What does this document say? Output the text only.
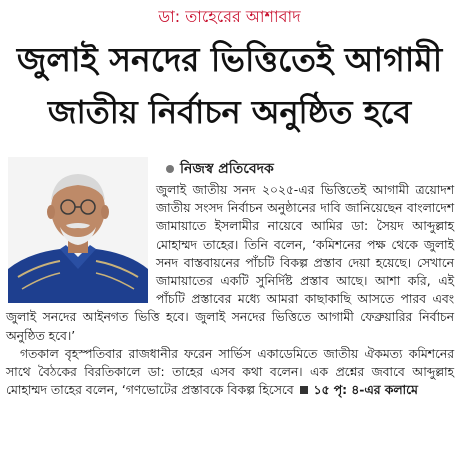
ডা: তাহেরের আশাবাদ
জুলাই সনদের ভিত্তিতেই আগামী
জাতীয় নির্বাচন অনুষ্ঠিত হবে
নিজস্ব প্রতিবেদক

জুলাই জাতীয় সনদ ২০২৫-এর ভিত্তিতেই আগামী ত্রয়োদশ জাতীয় সংসদ নির্বাচন অনুষ্ঠানের দাবি জানিয়েছেন বাংলাদেশ জামায়াতে ইসলামীর নায়েবে আমির ডা: সৈয়দ আব্দুল্লাহ মোহাম্মদ তাহের। তিনি বলেন, ‘কমিশনের পক্ষ থেকে জুলাই সনদ বাস্তবায়নের পাঁচটি বিকল্প প্রস্তাব দেয়া হয়েছে। সেখানে জামায়াতের একটি সুনির্দিষ্ট প্রস্তাব আছে। আশা করি, এই পাঁচটি প্রস্তাবের মধ্যে আমরা কাছাকাছি আসতে পারব এবং জুলাই সনদের আইনগত ভিত্তি হবে। জুলাই সনদের ভিত্তিতে আগামী ফেব্রুয়ারির নির্বাচন অনুষ্ঠিত হবে।’

গতকাল বৃহস্পতিবার রাজধানীর ফরেন সার্ভিস একাডেমিতে জাতীয় ঐকমত্য কমিশনের সাথে বৈঠকের বিরতিকালে ডা: তাহের এসব কথা বলেন। এক প্রশ্নের জবাবে আব্দুল্লাহ মোহাম্মদ তাহের বলেন, ‘গণভোটের প্রস্তাবকে বিকল্প হিসেবে ১৫ পৃ: ৪-এর কলামে
